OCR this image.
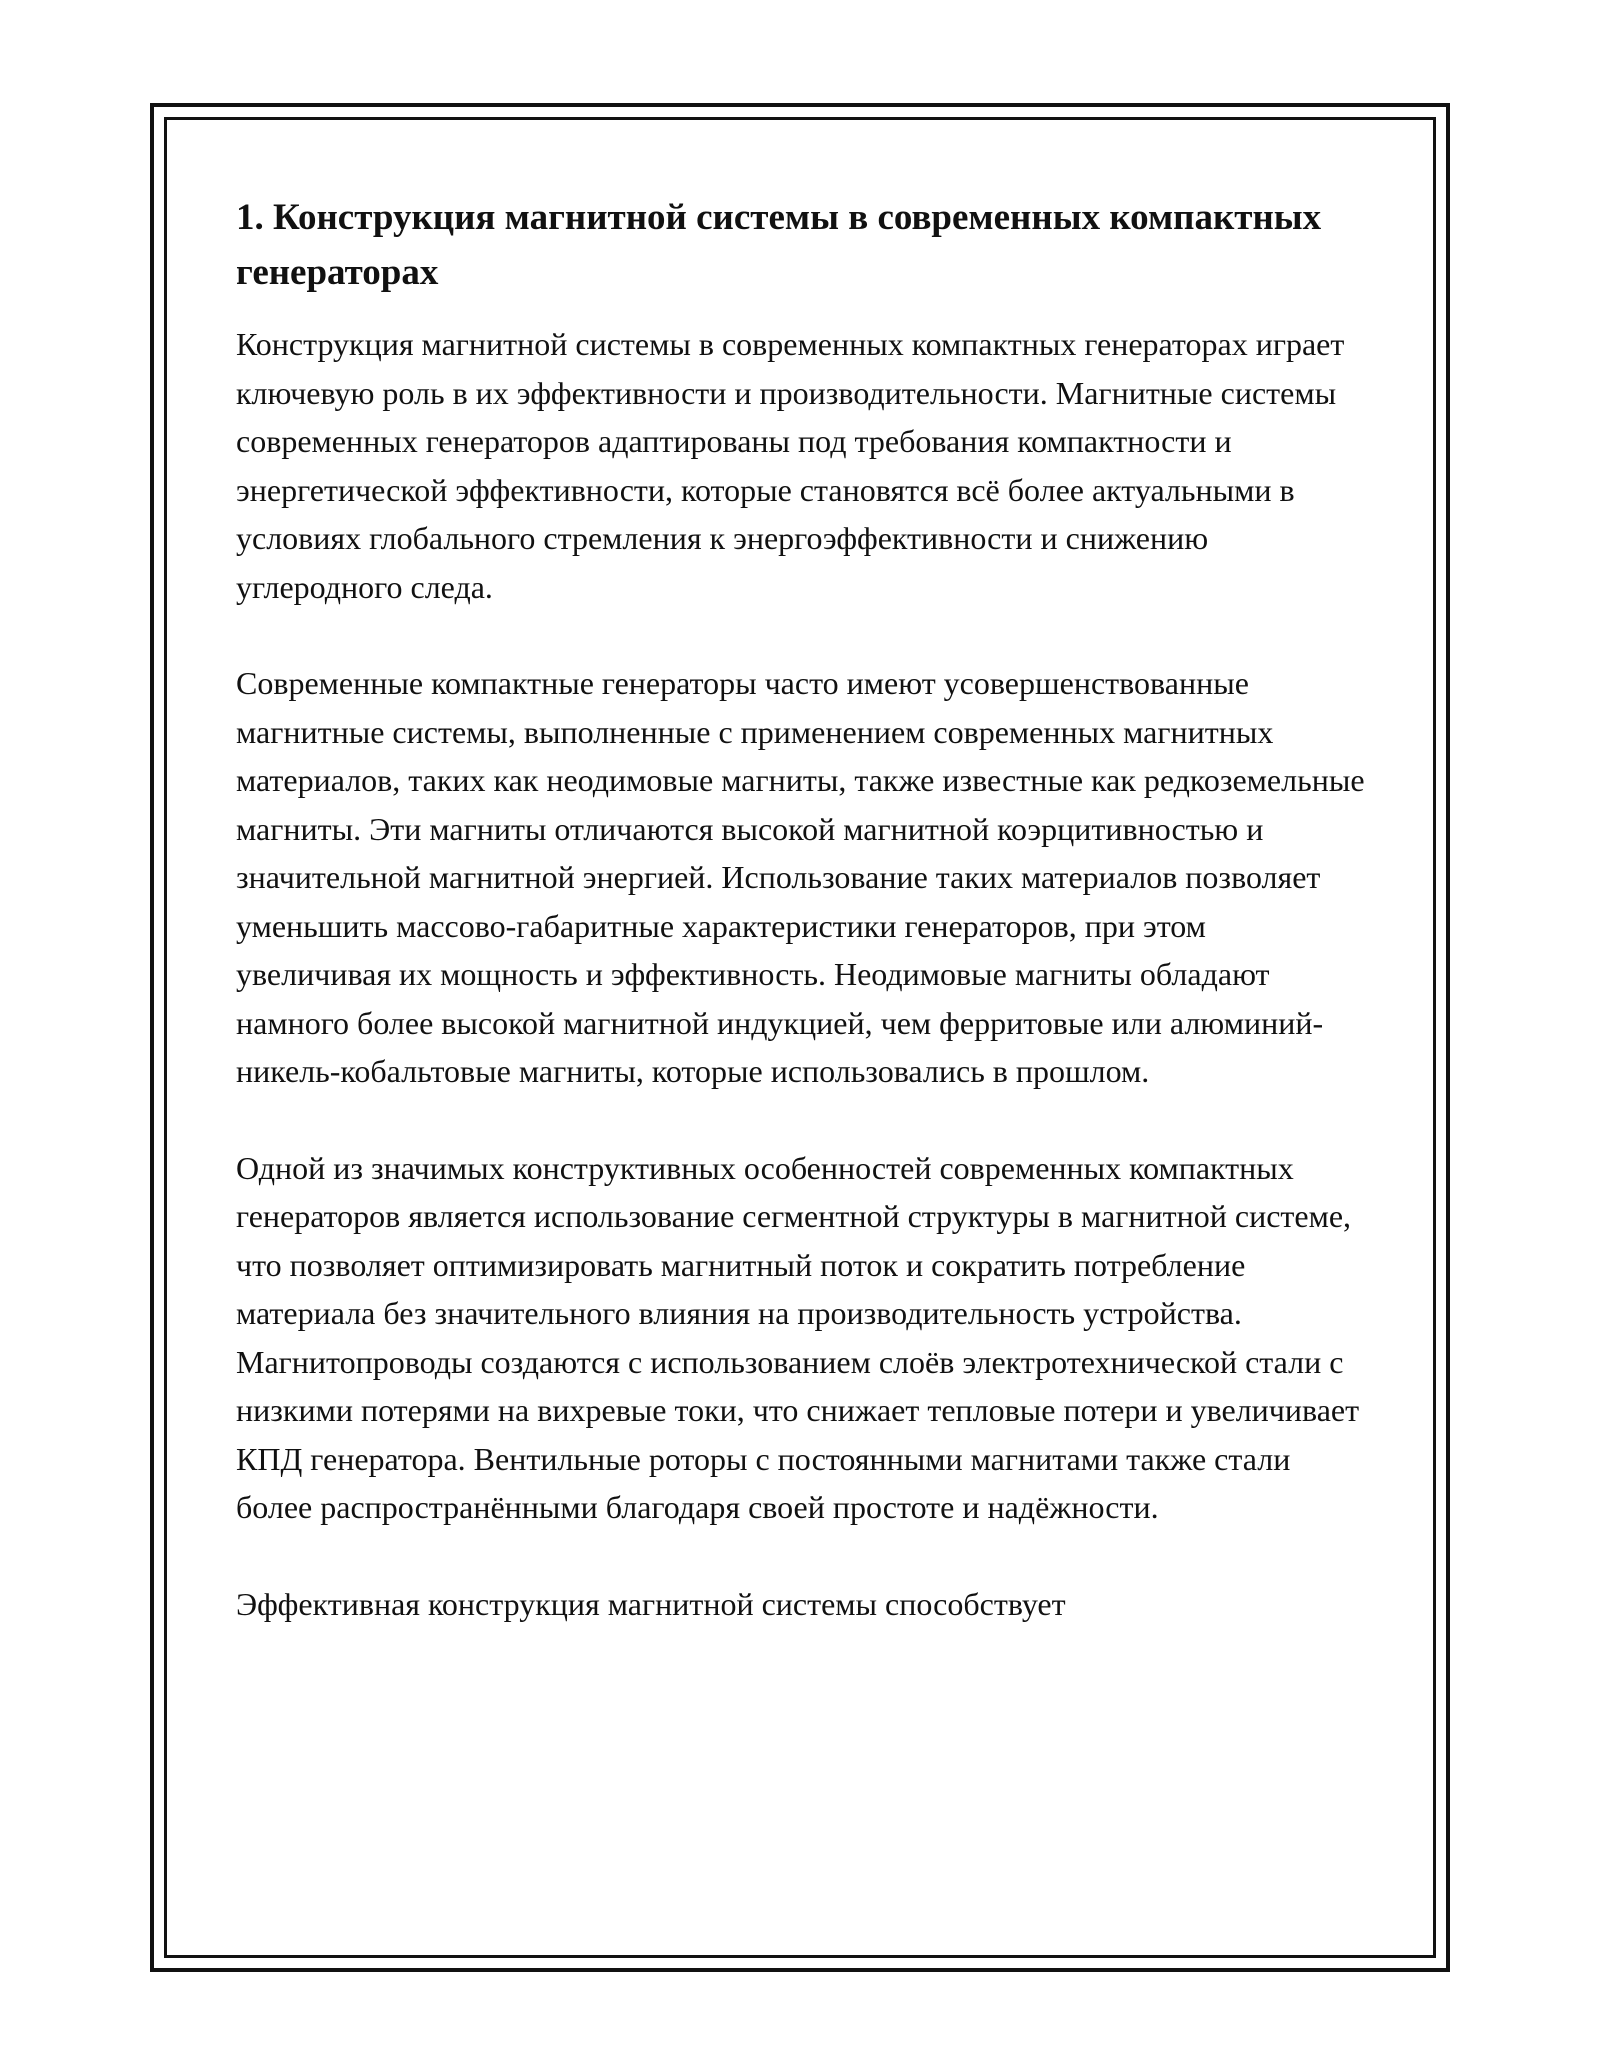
1. Конструкция магнитной системы в современных компактных генераторах

Конструкция магнитной системы в современных компактных генераторах играет ключевую роль в их эффективности и производительности. Магнитные системы современных генераторов адаптированы под требования компактности и энергетической эффективности, которые становятся всё более актуальными в условиях глобального стремления к энергоэффективности и снижению углеродного следа.

Современные компактные генераторы часто имеют усовершенствованные магнитные системы, выполненные с применением современных магнитных материалов, таких как неодимовые магниты, также известные как редкоземельные магниты. Эти магниты отличаются высокой магнитной коэрцитивностью и значительной магнитной энергией. Использование таких материалов позволяет уменьшить массово-габаритные характеристики генераторов, при этом увеличивая их мощность и эффективность. Неодимовые магниты обладают намного более высокой магнитной индукцией, чем ферритовые или алюминий-никель-кобальтовые магниты, которые использовались в прошлом.

Одной из значимых конструктивных особенностей современных компактных генераторов является использование сегментной структуры в магнитной системе, что позволяет оптимизировать магнитный поток и сократить потребление материала без значительного влияния на производительность устройства. Магнитопроводы создаются с использованием слоёв электротехнической стали с низкими потерями на вихревые токи, что снижает тепловые потери и увеличивает КПД генератора. Вентильные роторы с постоянными магнитами также стали более распространёнными благодаря своей простоте и надёжности.

Эффективная конструкция магнитной системы способствует
